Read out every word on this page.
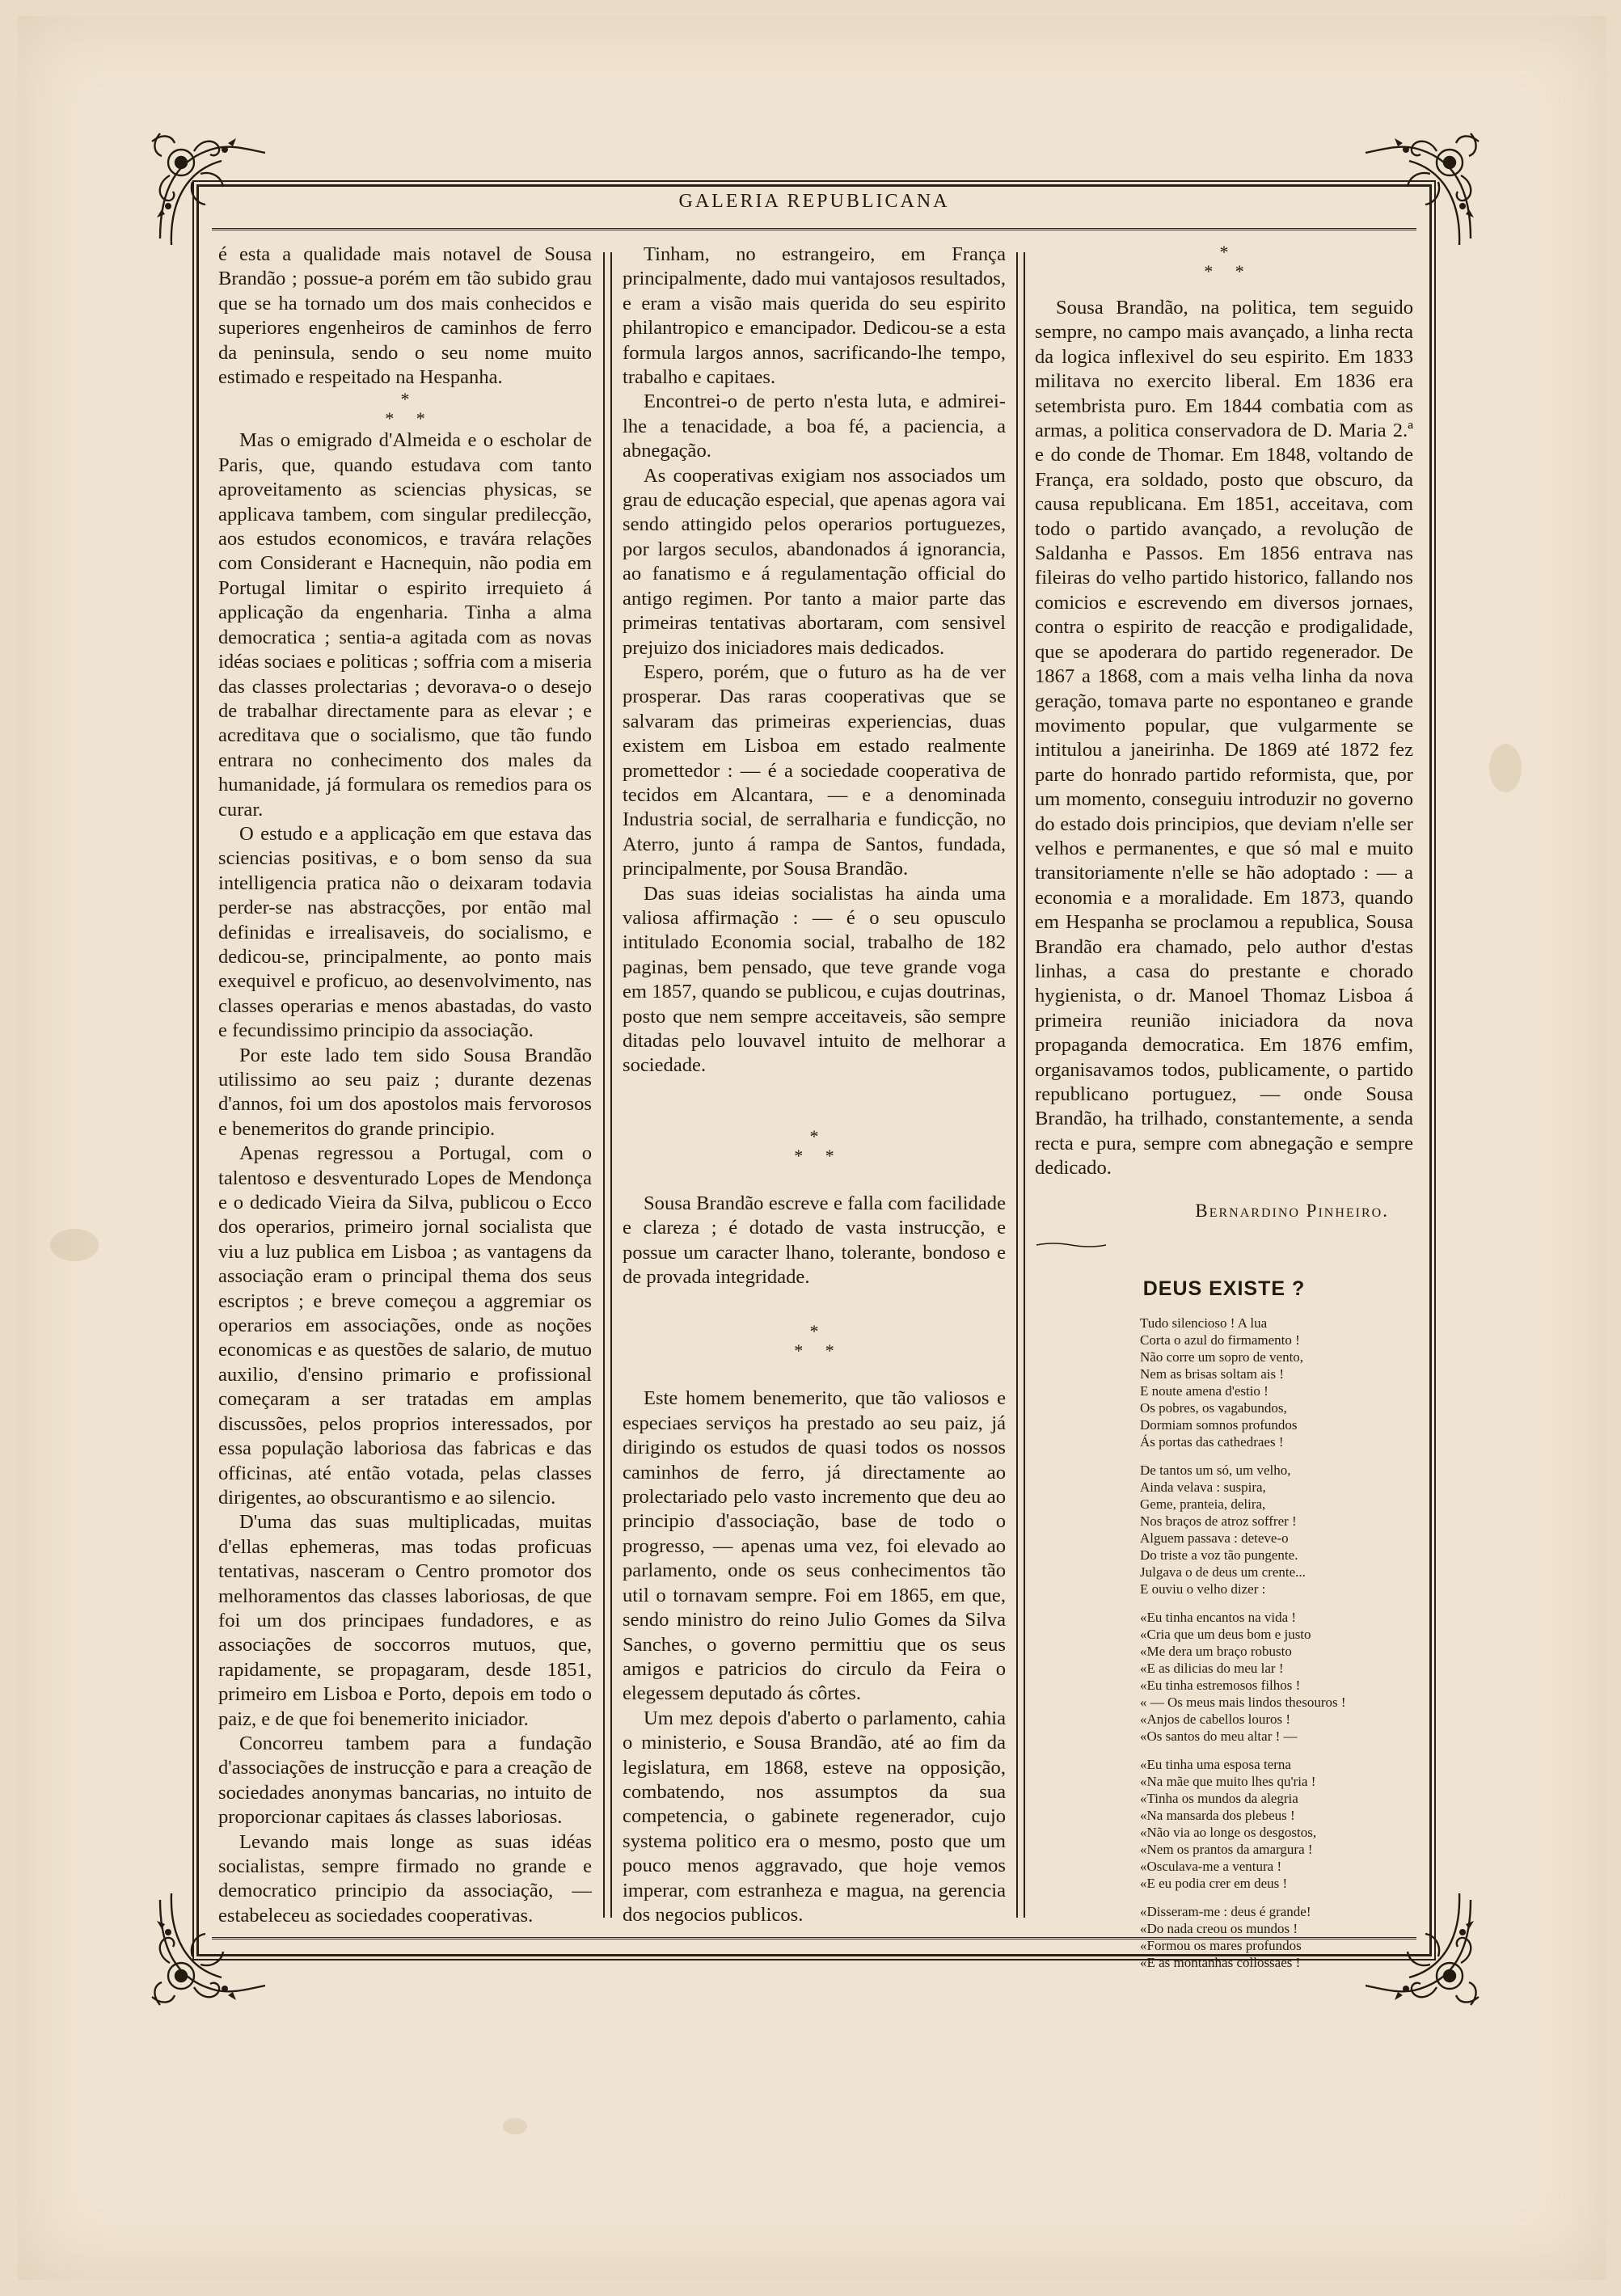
GALERIA REPUBLICANA

é esta a qualidade mais notavel de Sousa Brandão ; possue-a porém em tão subido grau que se ha tornado um dos mais conhecidos e superiores engenheiros de caminhos de ferro da peninsula, sendo o seu nome muito estimado e respeitado na Hespanha.

*
*     *

Mas o emigrado d'Almeida e o escholar de Paris, que, quando estudava com tanto aproveitamento as sciencias physicas, se applicava tambem, com singular predilecção, aos estudos economicos, e travára relações com Considerant e Hacnequin, não podia em Portugal limitar o espirito irrequieto á applicação da engenharia. Tinha a alma democratica ; sentia-a agitada com as novas idéas sociaes e politicas ; soffria com a miseria das classes prolectarias ; devorava-o o desejo de trabalhar directamente para as elevar ; e acreditava que o socialismo, que tão fundo entrara no conhecimento dos males da humanidade, já formulara os remedios para os curar.

O estudo e a applicação em que estava das sciencias positivas, e o bom senso da sua intelligencia pratica não o deixaram todavia perder-se nas abstracções, por então mal definidas e irrealisaveis, do socialismo, e dedicou-se, principalmente, ao ponto mais exequivel e proficuo, ao desenvolvimento, nas classes operarias e menos abastadas, do vasto e fecundissimo principio da associação.

Por este lado tem sido Sousa Brandão utilissimo ao seu paiz ; durante dezenas d'annos, foi um dos apostolos mais fervorosos e benemeritos do grande principio.

Apenas regressou a Portugal, com o talentoso e desventurado Lopes de Mendonça e o dedicado Vieira da Silva, publicou o Ecco dos operarios, primeiro jornal socialista que viu a luz publica em Lisboa ; as vantagens da associação eram o principal thema dos seus escriptos ; e breve começou a aggremiar os operarios em associações, onde as noções economicas e as questões de salario, de mutuo auxilio, d'ensino primario e profissional começaram a ser tratadas em amplas discussões, pelos proprios interessados, por essa população laboriosa das fabricas e das officinas, até então votada, pelas classes dirigentes, ao obscurantismo e ao silencio.

D'uma das suas multiplicadas, muitas d'ellas ephemeras, mas todas proficuas tentativas, nasceram o Centro promotor dos melhoramentos das classes laboriosas, de que foi um dos principaes fundadores, e as associações de soccorros mutuos, que, rapidamente, se propagaram, desde 1851, primeiro em Lisboa e Porto, depois em todo o paiz, e de que foi benemerito iniciador.

Concorreu tambem para a fundação d'associações de instrucção e para a creação de sociedades anonymas bancarias, no intuito de proporcionar capitaes ás classes laboriosas.

Levando mais longe as suas idéas socialistas, sempre firmado no grande e democratico principio da associação, — estabeleceu as sociedades cooperativas.

Tinham, no estrangeiro, em França principalmente, dado mui vantajosos resultados, e eram a visão mais querida do seu espirito philantropico e emancipador. Dedicou-se a esta formula largos annos, sacrificando-lhe tempo, trabalho e capitaes.

Encontrei-o de perto n'esta luta, e admirei-lhe a tenacidade, a boa fé, a paciencia, a abnegação.

As cooperativas exigiam nos associados um grau de educação especial, que apenas agora vai sendo attingido pelos operarios portuguezes, por largos seculos, abandonados á ignorancia, ao fanatismo e á regulamentação official do antigo regimen. Por tanto a maior parte das primeiras tentativas abortaram, com sensivel prejuizo dos iniciadores mais dedicados.

Espero, porém, que o futuro as ha de ver prosperar. Das raras cooperativas que se salvaram das primeiras experiencias, duas existem em Lisboa em estado realmente promettedor : — é a sociedade cooperativa de tecidos em Alcantara, — e a denominada Industria social, de serralharia e fundicção, no Aterro, junto á rampa de Santos, fundada, principalmente, por Sousa Brandão.

Das suas ideias socialistas ha ainda uma valiosa affirmação : — é o seu opusculo intitulado Economia social, trabalho de 182 paginas, bem pensado, que teve grande voga em 1857, quando se publicou, e cujas doutrinas, posto que nem sempre acceitaveis, são sempre ditadas pelo louvavel intuito de melhorar a sociedade.

*
*     *

Sousa Brandão escreve e falla com facilidade e clareza ; é dotado de vasta instrucção, e possue um caracter lhano, tolerante, bondoso e de provada integridade.

*
*     *

Este homem benemerito, que tão valiosos e especiaes serviços ha prestado ao seu paiz, já dirigindo os estudos de quasi todos os nossos caminhos de ferro, já directamente ao prolectariado pelo vasto incremento que deu ao principio d'associação, base de todo o progresso, — apenas uma vez, foi elevado ao parlamento, onde os seus conhecimentos tão util o tornavam sempre. Foi em 1865, em que, sendo ministro do reino Julio Gomes da Silva Sanches, o governo permittiu que os seus amigos e patricios do circulo da Feira o elegessem deputado ás côrtes.

Um mez depois d'aberto o parlamento, cahia o ministerio, e Sousa Brandão, até ao fim da legislatura, em 1868, esteve na opposição, combatendo, nos assumptos da sua competencia, o gabinete regenerador, cujo systema politico era o mesmo, posto que um pouco menos aggravado, que hoje vemos imperar, com estranheza e magua, na gerencia dos negocios publicos.

*
*     *

Sousa Brandão, na politica, tem seguido sempre, no campo mais avançado, a linha recta da logica inflexivel do seu espirito. Em 1833 militava no exercito liberal. Em 1836 era setembrista puro. Em 1844 combatia com as armas, a politica conservadora de D. Maria 2.ª e do conde de Thomar. Em 1848, voltando de França, era soldado, posto que obscuro, da causa republicana. Em 1851, acceitava, com todo o partido avançado, a revolução de Saldanha e Passos. Em 1856 entrava nas fileiras do velho partido historico, fallando nos comicios e escrevendo em diversos jornaes, contra o espirito de reacção e prodigalidade, que se apoderara do partido regenerador. De 1867 a 1868, com a mais velha linha da nova geração, tomava parte no espontaneo e grande movimento popular, que vulgarmente se intitulou a janeirinha. De 1869 até 1872 fez parte do honrado partido reformista, que, por um momento, conseguiu introduzir no governo do estado dois principios, que deviam n'elle ser velhos e permanentes, e que só mal e muito transitoriamente n'elle se hão adoptado : — a economia e a moralidade. Em 1873, quando em Hespanha se proclamou a republica, Sousa Brandão era chamado, pelo author d'estas linhas, a casa do prestante e chorado hygienista, o dr. Manoel Thomaz Lisboa á primeira reunião iniciadora da nova propaganda democratica. Em 1876 emfim, organisavamos todos, publicamente, o partido republicano portuguez, — onde Sousa Brandão, ha trilhado, constantemente, a senda recta e pura, sempre com abnegação e sempre dedicado.

Bernardino Pinheiro.
DEUS EXISTE ?
Tudo silencioso ! A lua
Corta o azul do firmamento !
Não corre um sopro de vento,
Nem as brisas soltam ais !
E noute amena d'estio !
Os pobres, os vagabundos,
Dormiam somnos profundos
Ás portas das cathedraes !
De tantos um só, um velho,
Ainda velava : suspira,
Geme, pranteia, delira,
Nos braços de atroz soffrer !
Alguem passava : deteve-o
Do triste a voz tão pungente.
Julgava o de deus um crente...
E ouviu o velho dizer :
«Eu tinha encantos na vida !
«Cria que um deus bom e justo
«Me dera um braço robusto
«E as dilicias do meu lar !
«Eu tinha estremosos filhos !
« — Os meus mais lindos thesouros !
«Anjos de cabellos louros !
«Os santos do meu altar ! —
«Eu tinha uma esposa terna
«Na mãe que muito lhes qu'ria !
«Tinha os mundos da alegria
«Na mansarda dos plebeus !
«Não via ao longe os desgostos,
«Nem os prantos da amargura !
«Osculava-me a ventura !
«E eu podia crer em deus !
«Disseram-me : deus é grande!
«Do nada creou os mundos !
«Formou os mares profundos
«E as montanhas collossaes !
